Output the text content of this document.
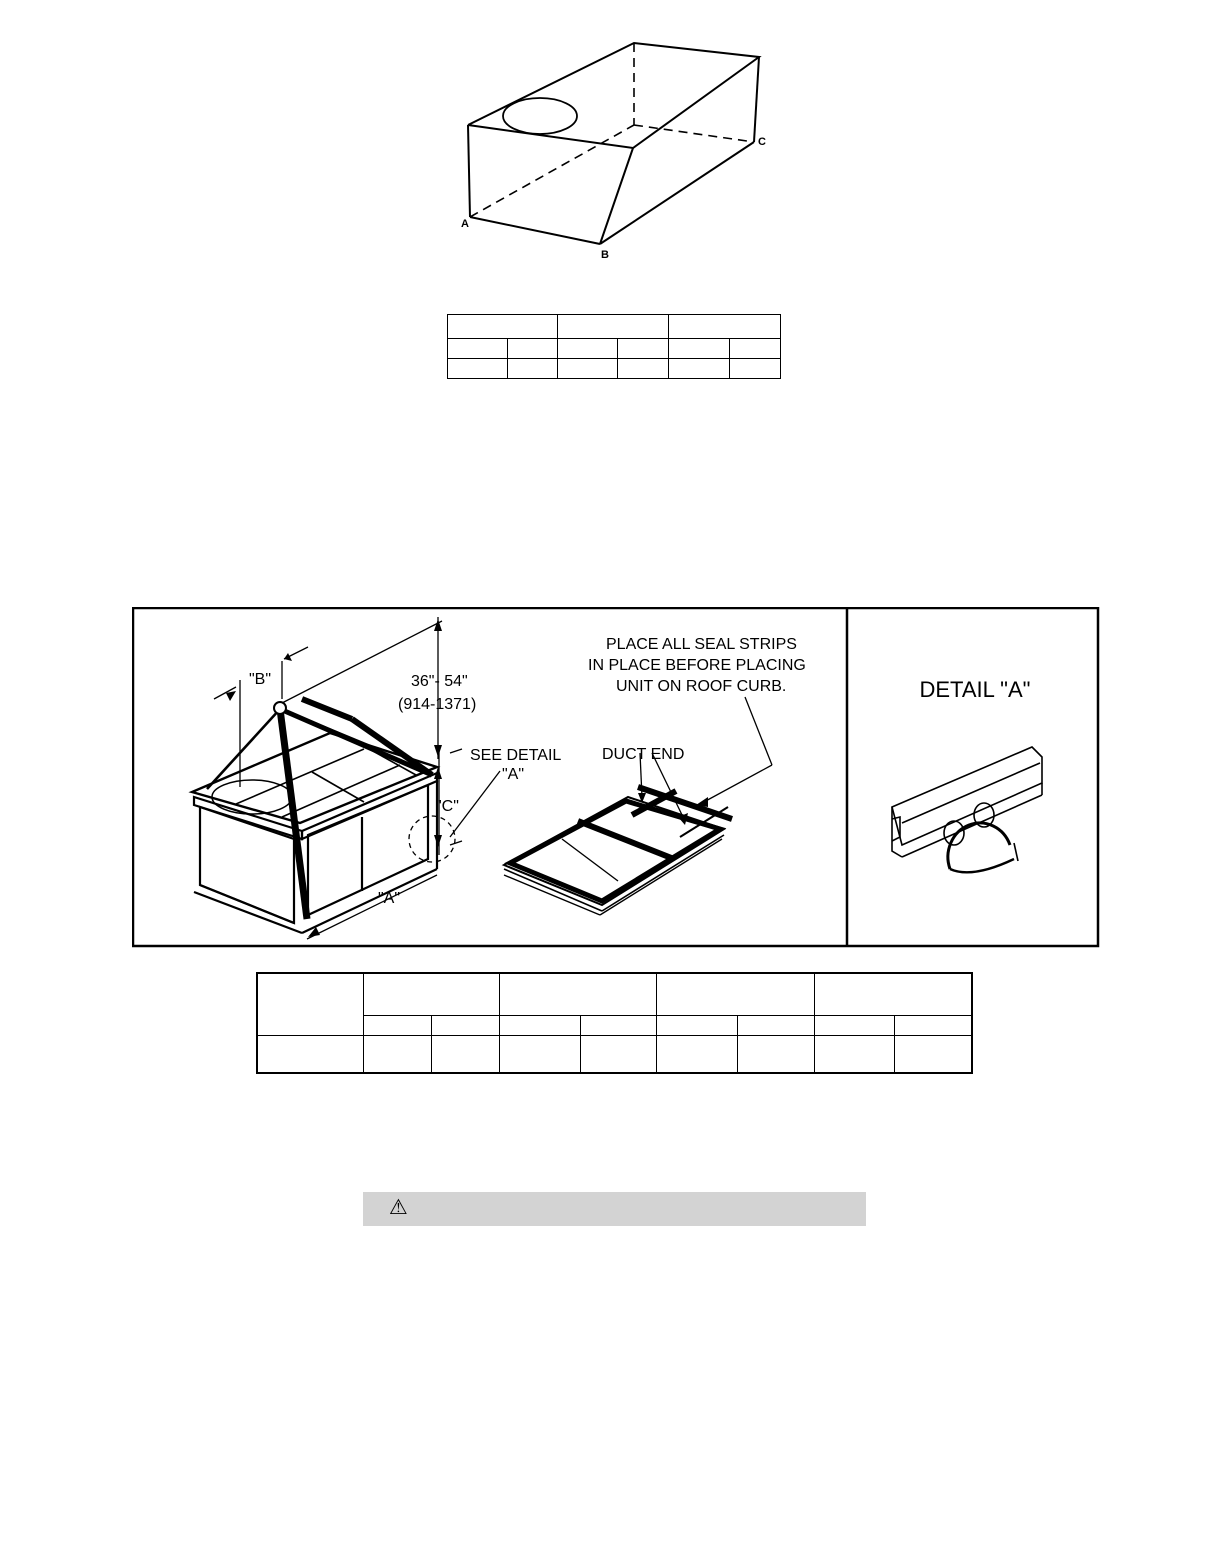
A
B
C

"B"	36"- 54"
(914-1371)
SEE DETAIL
"A"
"C"
"A"
PLACE ALL SEAL STRIPS
IN PLACE BEFORE PLACING
UNIT ON ROOF CURB.
DUCT END
DETAIL "A"

⚠
